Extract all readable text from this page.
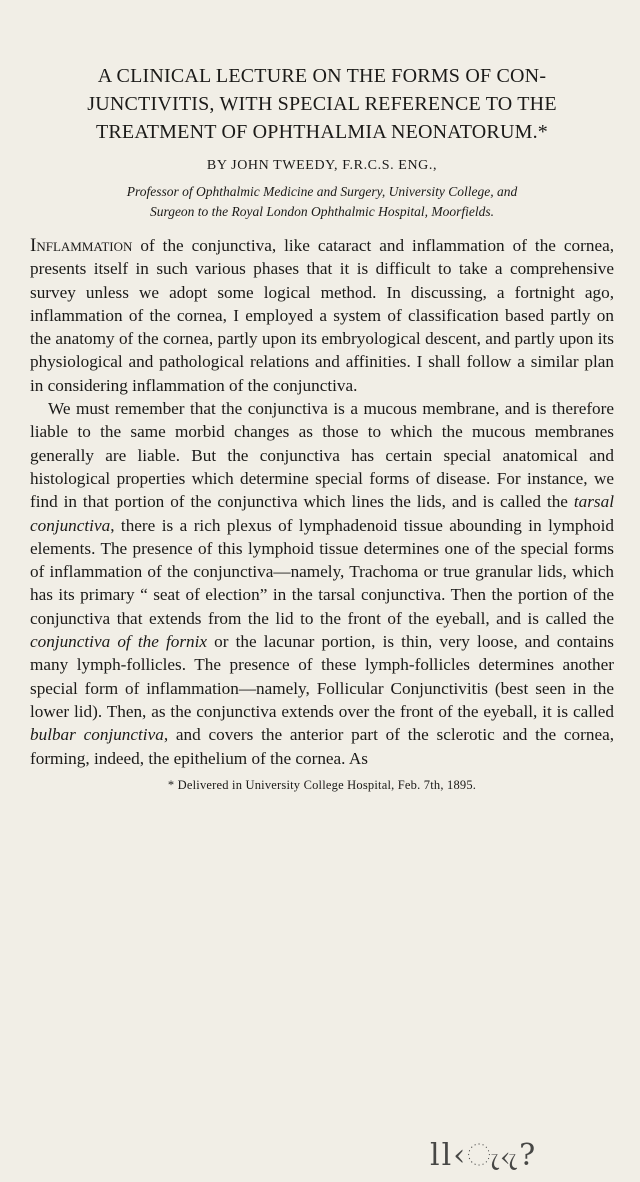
A CLINICAL LECTURE ON THE FORMS OF CON-
JUNCTIVITIS, WITH SPECIAL REFERENCE TO THE
TREATMENT OF OPHTHALMIA NEONATORUM.*
BY JOHN TWEEDY, F.R.C.S. ENG.,
Professor of Ophthalmic Medicine and Surgery, University College, and
Surgeon to the Royal London Ophthalmic Hospital, Moorfields.

Inflammation of the conjunctiva, like cataract and inflammation of the cornea, presents itself in such various phases that it is difficult to take a comprehensive survey unless we adopt some logical method. In discussing, a fortnight ago, inflammation of the cornea, I employed a system of classification based partly on the anatomy of the cornea, partly upon its embryological descent, and partly upon its physiological and pathological relations and affinities. I shall follow a similar plan in considering inflammation of the conjunctiva.

We must remember that the conjunctiva is a mucous membrane, and is therefore liable to the same morbid changes as those to which the mucous membranes generally are liable. But the conjunctiva has certain special anatomical and histological properties which determine special forms of disease. For instance, we find in that portion of the conjunctiva which lines the lids, and is called the tarsal conjunctiva, there is a rich plexus of lymphadenoid tissue abounding in lymphoid elements. The presence of this lymphoid tissue determines one of the special forms of inflammation of the conjunctiva—namely, Trachoma or true granular lids, which has its primary “ seat of election” in the tarsal conjunctiva. Then the portion of the conjunctiva that extends from the lid to the front of the eyeball, and is called the conjunctiva of the fornix or the lacunar portion, is thin, very loose, and contains many lymph-follicles. The presence of these lymph-follicles determines another special form of inflammation—namely, Follicular Conjunctivitis (best seen in the lower lid). Then, as the conjunctiva extends over the front of the eyeball, it is called bulbar conjunctiva, and covers the anterior part of the sclerotic and the cornea, forming, indeed, the epithelium of the cornea. As

* Delivered in University College Hospital, Feb. 7th, 1895.
ll‹ැ‹ැ?
